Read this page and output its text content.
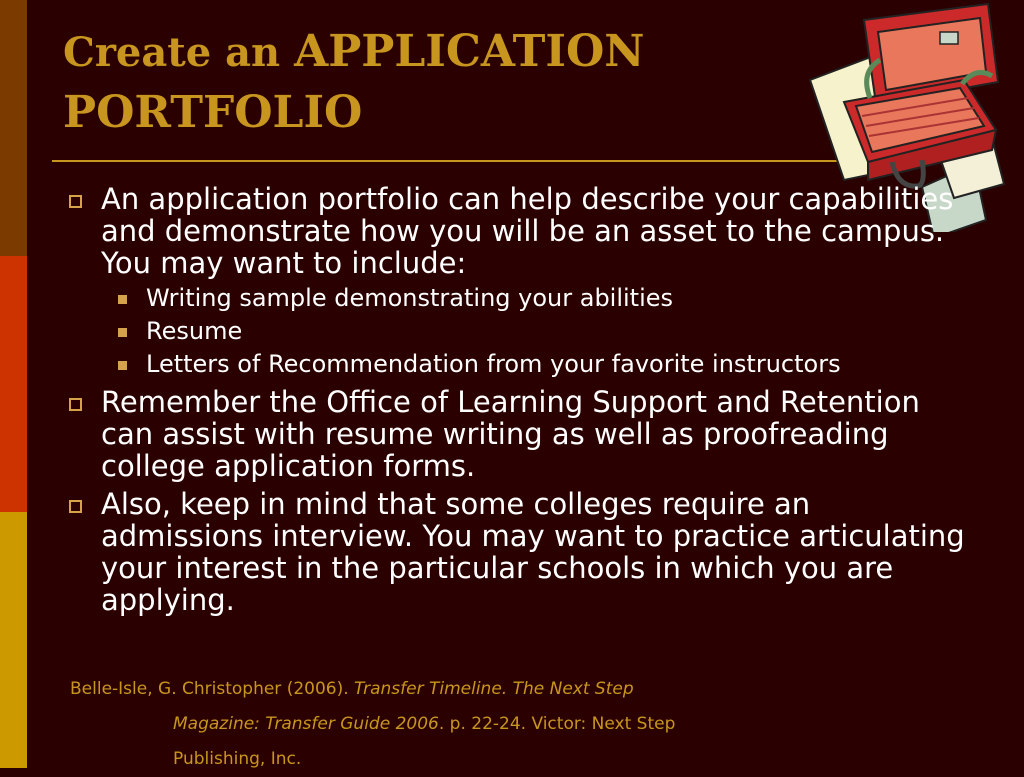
Create an APPLICATION
PORTFOLIO
An application portfolio can help describe your capabilities and demonstrate how you will be an asset to the campus. You may want to include:
Writing sample demonstrating your abilities
Resume
Letters of Recommendation from your favorite instructors
Remember the Office of Learning Support and Retention can assist with resume writing as well as proofreading college application forms.
Also, keep in mind that some colleges require an admissions interview. You may want to practice articulating your interest in the particular schools in which you are applying.
Belle-Isle, G. Christopher (2006). Transfer Timeline. The Next Step
Magazine: Transfer Guide 2006. p. 22-24. Victor: Next Step
Publishing, Inc.
